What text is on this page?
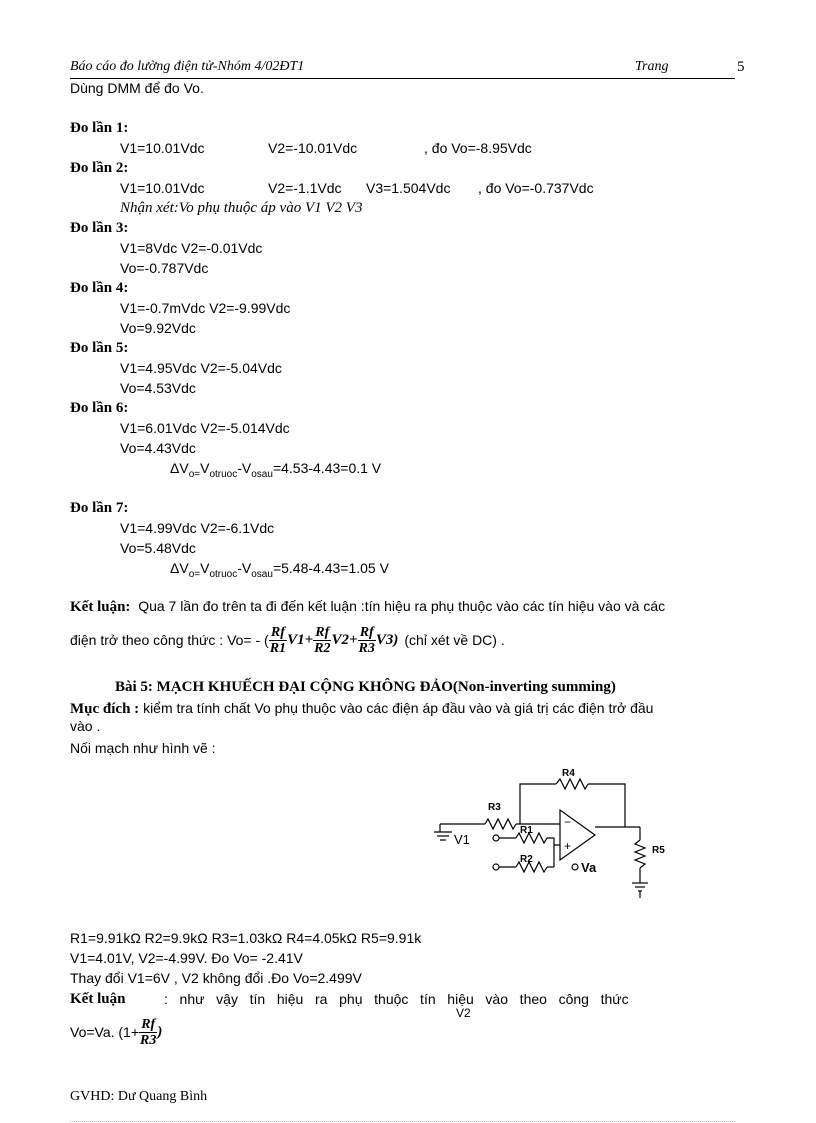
Báo cáo đo lường điện tử-Nhóm 4/02ĐT1	Trang	5
Dùng DMM để đo Vo.
Đo lần 1:
V1=10.01Vdc	V2=-10.01Vdc	, đo Vo=-8.95Vdc
Đo lần 2:
V1=10.01Vdc	V2=-1.1Vdc V3=1.504Vdc , đo Vo=-0.737Vdc
Nhận xét:Vo phụ thuộc áp vào V1 V2 V3
Đo lần 3:
V1=8Vdc V2=-0.01Vdc
Vo=-0.787Vdc
Đo lần 4:
V1=-0.7mVdc V2=-9.99Vdc
Vo=9.92Vdc
Đo lần 5:
V1=4.95Vdc V2=-5.04Vdc
Vo=4.53Vdc
Đo lần 6:
V1=6.01Vdc V2=-5.014Vdc
Vo=4.43Vdc
$\Delta V_{o=}V_{otruoc}-V_{osau}=4.53-4.43=0.1$ V
Đo lần 7:
V1=4.99Vdc V2=-6.1Vdc
Vo=5.48Vdc
$\Delta V_{o=}V_{otruoc}-V_{osau}=5.48-4.43=1.05$ V
Kết luận: Qua 7 lần đo trên ta đi đến kết luận :tín hiệu ra phụ thuộc vào các tín hiệu vào và các
điện trở theo công thức : Vo= - ( $\frac{Rf}{R1} V1+ \frac{Rf}{R2} V2+ \frac{Rf}{R3} V3$) (chỉ xét về DC) .
Bài 5: MẠCH KHUẾCH ĐẠI CỘNG KHÔNG ĐẢO(Non-inverting summing)
Mục đích : kiểm tra tính chất Vo phụ thuộc vào các điện áp đầu vào và giá trị các điện trở đầu
vào .
Nối mạch như hình vẽ :
R4
R3
R1
R2
R5
Va
−
+
V1
R1=9.91kΩ R2=9.9kΩ R3=1.03kΩ R4=4.05kΩ R5=9.91k
V1=4.01V, V2=-4.99V. Đo Vo= -2.41V
Thay đổi V1=6V , V2 không đổi .Đo Vo=2.499V
Kết luận	:   như   vậy   tín   hiệu   ra   phụ   thuộc   tín   hiệu   vào   theo   công   thức
V2
Vo=Va. ($1+ \frac{Rf}{R3}$ )
GVHD: Dư Quang Bình
